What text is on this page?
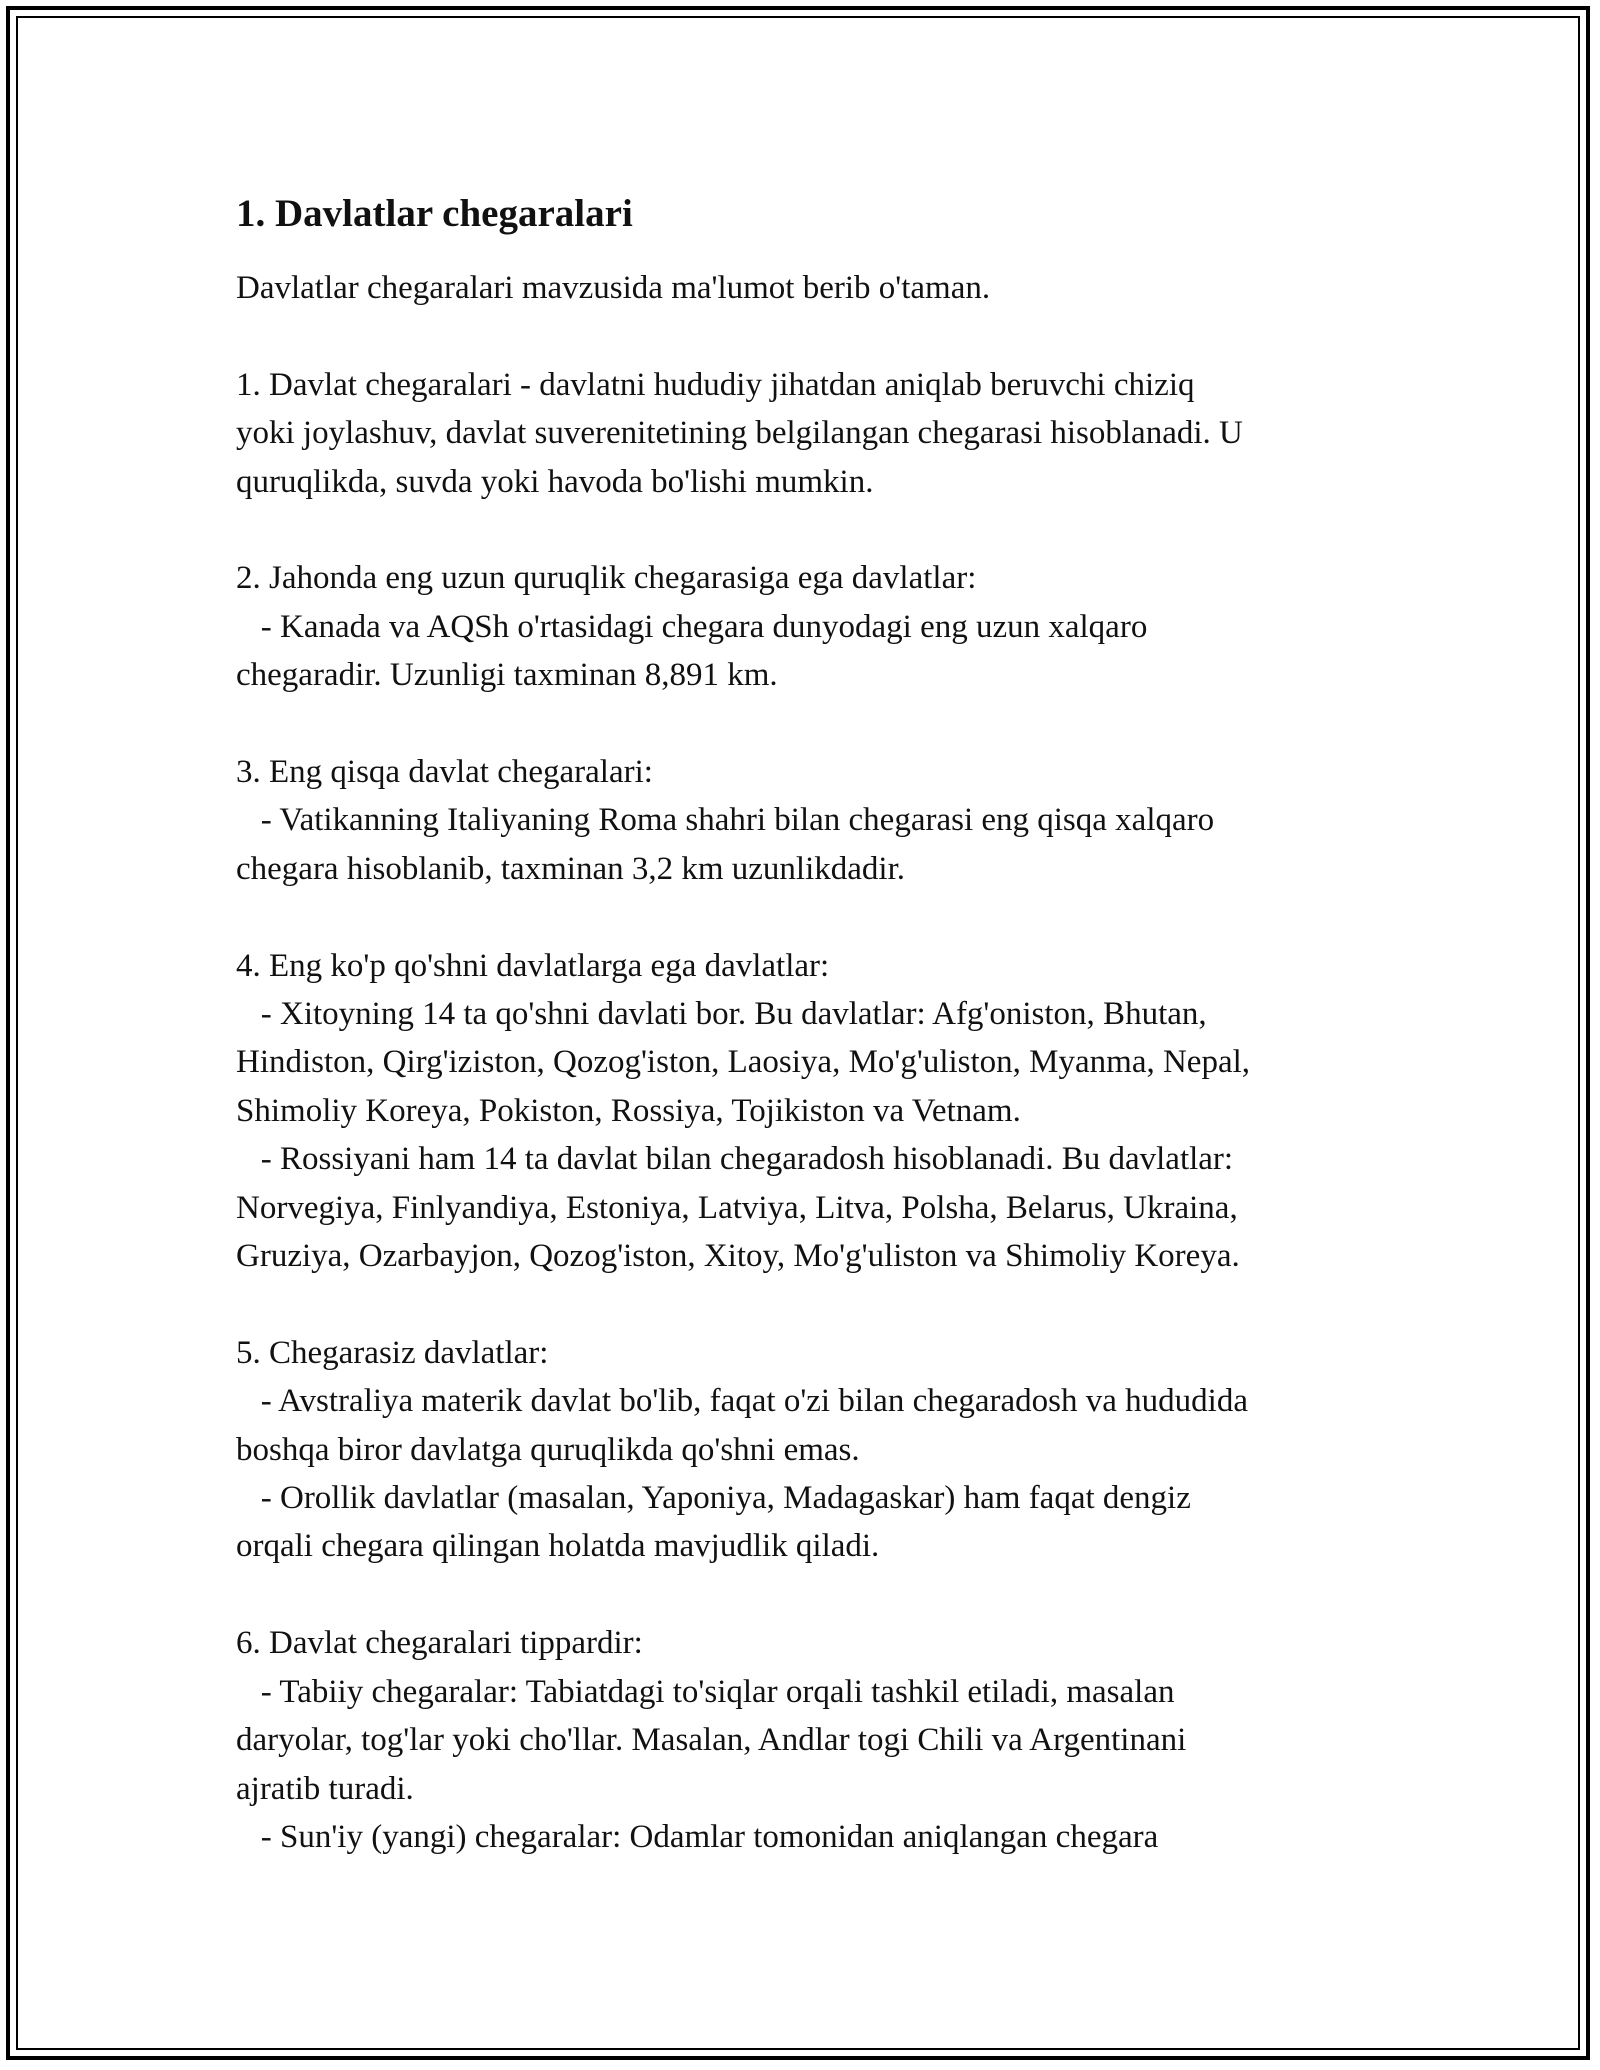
1. Davlatlar chegaralari

Davlatlar chegaralari mavzusida ma'lumot berib o'taman.

1. Davlat chegaralari - davlatni hududiy jihatdan aniqlab beruvchi chiziq

yoki joylashuv, davlat suverenitetining belgilangan chegarasi hisoblanadi. U

quruqlikda, suvda yoki havoda bo'lishi mumkin.

2. Jahonda eng uzun quruqlik chegarasiga ega davlatlar:

- Kanada va AQSh o'rtasidagi chegara dunyodagi eng uzun xalqaro

chegaradir. Uzunligi taxminan 8,891 km.

3. Eng qisqa davlat chegaralari:

- Vatikanning Italiyaning Roma shahri bilan chegarasi eng qisqa xalqaro

chegara hisoblanib, taxminan 3,2 km uzunlikdadir.

4. Eng ko'p qo'shni davlatlarga ega davlatlar:

- Xitoyning 14 ta qo'shni davlati bor. Bu davlatlar: Afg'oniston, Bhutan,

Hindiston, Qirg'iziston, Qozog'iston, Laosiya, Mo'g'uliston, Myanma, Nepal,

Shimoliy Koreya, Pokiston, Rossiya, Tojikiston va Vetnam.

- Rossiyani ham 14 ta davlat bilan chegaradosh hisoblanadi. Bu davlatlar:

Norvegiya, Finlyandiya, Estoniya, Latviya, Litva, Polsha, Belarus, Ukraina,

Gruziya, Ozarbayjon, Qozog'iston, Xitoy, Mo'g'uliston va Shimoliy Koreya.

5. Chegarasiz davlatlar:

- Avstraliya materik davlat bo'lib, faqat o'zi bilan chegaradosh va hududida

boshqa biror davlatga quruqlikda qo'shni emas.

- Orollik davlatlar (masalan, Yaponiya, Madagaskar) ham faqat dengiz

orqali chegara qilingan holatda mavjudlik qiladi.

6. Davlat chegaralari tippardir:

- Tabiiy chegaralar: Tabiatdagi to'siqlar orqali tashkil etiladi, masalan

daryolar, tog'lar yoki cho'llar. Masalan, Andlar togi Chili va Argentinani

ajratib turadi.

- Sun'iy (yangi) chegaralar: Odamlar tomonidan aniqlangan chegara
